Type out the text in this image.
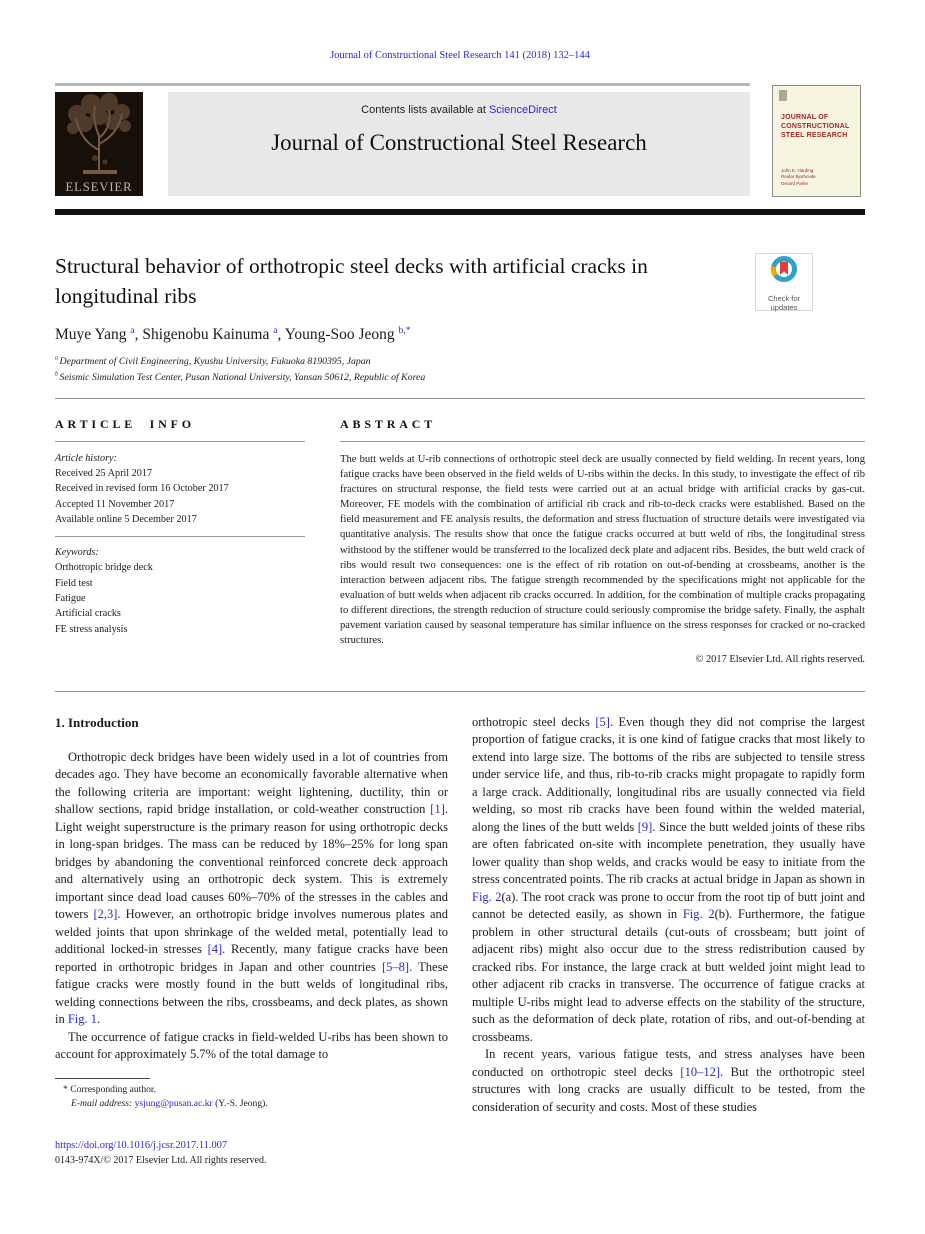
Journal of Constructional Steel Research 141 (2018) 132–144
ELSEVIER
Contents lists available at ScienceDirect
Journal of Constructional Steel Research
JOURNAL OF
CONSTRUCTIONAL
STEEL RESEARCH
John E. Harding
Reidar Bjorhovde
Gerard Parke
Structural behavior of orthotropic steel decks with artificial cracks in longitudinal ribs	Check for
updates
Muye Yang $^a$, Shigenobu Kainuma $^a$, Young-Soo Jeong $^{b,*}$
$^a$ Department of Civil Engineering, Kyushu University, Fukuoka 8190395, Japan
$^b$ Seismic Simulation Test Center, Pusan National University, Yansan 50612, Republic of Korea
ARTICLE INFO
Article history:
Received 25 April 2017
Received in revised form 16 October 2017
Accepted 11 November 2017
Available online 5 December 2017
Keywords:
Orthotropic bridge deck
Field test
Fatigue
Artificial cracks
FE stress analysis
ABSTRACT
The butt welds at U-rib connections of orthotropic steel deck are usually connected by field welding. In recent years, long fatigue cracks have been observed in the field welds of U-ribs within the decks. In this study, to investigate the effect of rib fractures on structural response, the field tests were carried out at an actual bridge with artificial cracks by gas-cut. Moreover, FE models with the combination of artificial rib crack and rib-to-deck cracks were established. Based on the field measurement and FE analysis results, the deformation and stress fluctuation of structure details were investigated via quantitative analysis. The results show that once the fatigue cracks occurred at butt weld of ribs, the longitudinal stress withstood by the stiffener would be transferred to the localized deck plate and adjacent ribs. Besides, the butt weld crack of ribs would result two consequences: one is the effect of rib rotation on out-of-bending at crossbeams, another is the interaction between adjacent ribs. The fatigue strength recommended by the specifications might not applicable for the evaluation of butt welds when adjacent rib cracks occurred. In addition, for the combination of multiple cracks propagating to different directions, the strength reduction of structure could seriously compromise the bridge safety. Finally, the asphalt pavement variation caused by seasonal temperature has similar influence on the stress responses for cracked or no-cracked structures.
© 2017 Elsevier Ltd. All rights reserved.
1. Introduction

Orthotropic deck bridges have been widely used in a lot of countries from decades ago. They have become an economically favorable alternative when the following criteria are important: weight lightening, ductility, thin or shallow sections, rapid bridge installation, or cold-weather construction [1]. Light weight superstructure is the primary reason for using orthotropic decks in long-span bridges. The mass can be reduced by 18%–25% for long span bridges by abandoning the conventional reinforced concrete deck approach and alternatively using an orthotropic deck system. This is extremely important since dead load causes 60%–70% of the stresses in the cables and towers [2,3]. However, an orthotropic bridge involves numerous plates and welded joints that upon shrinkage of the welded metal, potentially lead to additional locked-in stresses [4]. Recently, many fatigue cracks have been reported in orthotropic bridges in Japan and other countries [5–8]. These fatigue cracks were mostly found in the butt welds of longitudinal ribs, welding connections between the ribs, crossbeams, and deck plates, as shown in Fig. 1.

The occurrence of fatigue cracks in field-welded U-ribs has been shown to account for approximately 5.7% of the total damage to

* Corresponding author.
E-mail address: ysjung@pusan.ac.kr (Y.-S. Jeong).

orthotropic steel decks [5]. Even though they did not comprise the largest proportion of fatigue cracks, it is one kind of fatigue cracks that most likely to extend into large size. The bottoms of the ribs are subjected to tensile stress under service life, and thus, rib-to-rib cracks might propagate to rapidly form a large crack. Additionally, longitudinal ribs are usually connected via field welding, so most rib cracks have been found within the welded material, along the lines of the butt welds [9]. Since the butt welded joints of these ribs are often fabricated on-site with incomplete penetration, they usually have lower quality than shop welds, and cracks would be easy to initiate from the stress concentrated points. The rib cracks at actual bridge in Japan as shown in Fig. 2(a). The root crack was prone to occur from the root tip of butt joint and cannot be detected easily, as shown in Fig. 2(b). Furthermore, the fatigue problem in other structural details (cut-outs of crossbeam; butt joint of adjacent ribs) might also occur due to the stress redistribution caused by cracked ribs. For instance, the large crack at butt welded joint might lead to other adjacent rib cracks in transverse. The occurrence of fatigue cracks at multiple U-ribs might lead to adverse effects on the stability of the structure, such as the deformation of deck plate, rotation of ribs, and out-of-bending at crossbeams.

In recent years, various fatigue tests, and stress analyses have been conducted on orthotropic steel decks [10–12]. But the orthotropic steel structures with long cracks are usually difficult to be tested, from the consideration of security and costs. Most of these studies

https://doi.org/10.1016/j.jcsr.2017.11.007
0143-974X/© 2017 Elsevier Ltd. All rights reserved.
